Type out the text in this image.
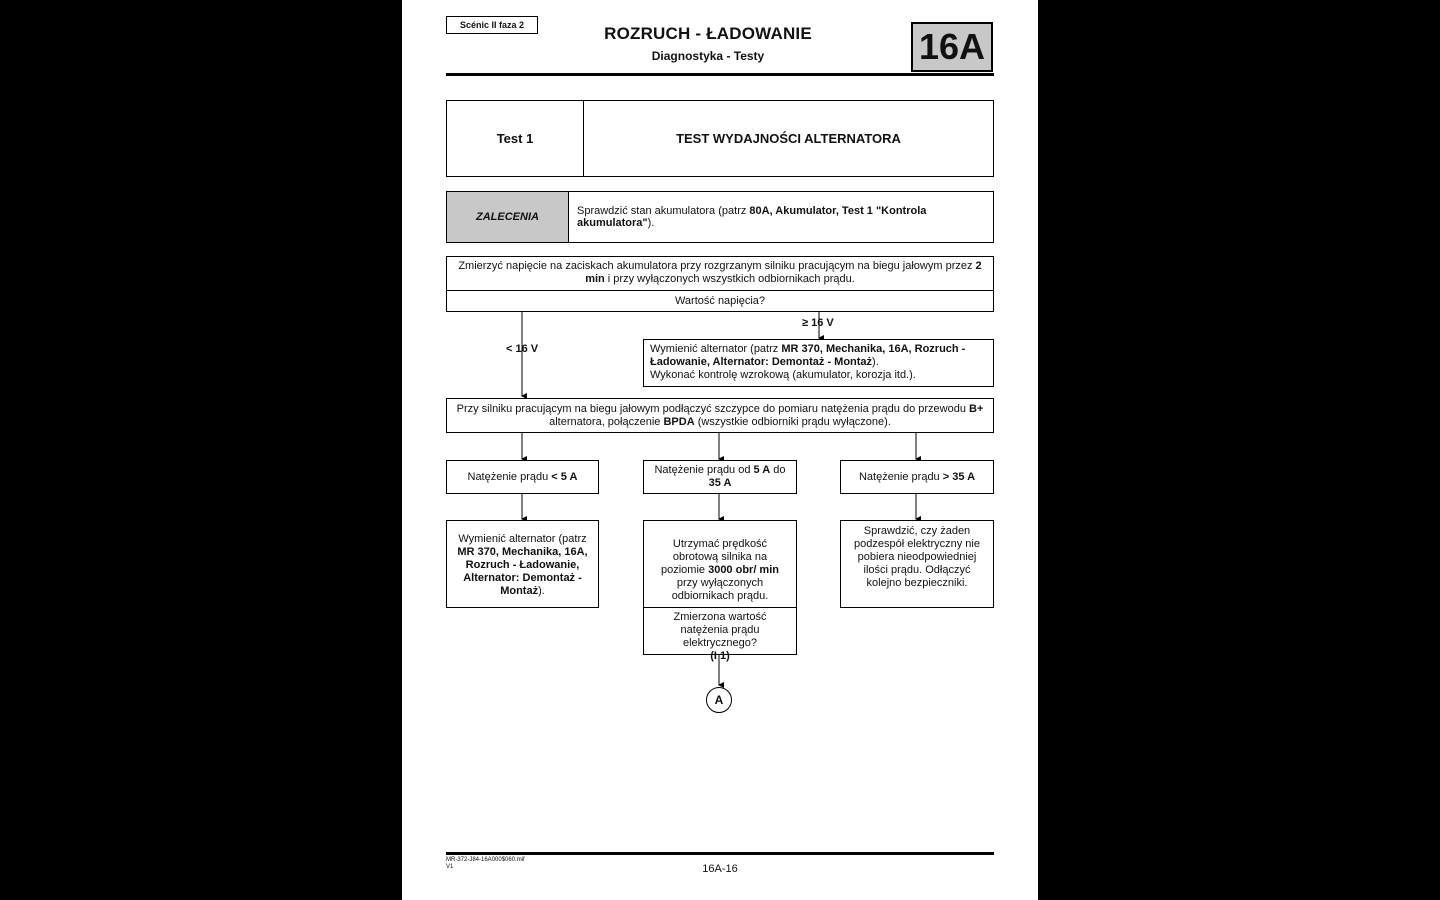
Scénic II faza 2	ROZRUCH - ŁADOWANIE
Diagnostyka - Testy	16A
Test 1	TEST WYDAJNOŚCI ALTERNATORA
ZALECENIA	Sprawdzić stan akumulatora (patrz 80A, Akumulator, Test 1 "Kontrola akumulatora").
Zmierzyć napięcie na zaciskach akumulatora przy rozgrzanym silniku pracującym na biegu jałowym przez 2 min i przy wyłączonych wszystkich odbiornikach prądu.
Wartość napięcia?
< 16 V
≥ 16 V
Wymienić alternator (patrz MR 370, Mechanika, 16A, Rozruch - Ładowanie, Alternator: Demontaż - Montaż).
Wykonać kontrolę wzrokową (akumulator, korozja itd.).
Przy silniku pracującym na biegu jałowym podłączyć szczypce do pomiaru natężenia prądu do przewodu B+ alternatora, połączenie BPDA (wszystkie odbiorniki prądu wyłączone).
Natężenie prądu < 5 A
Natężenie prądu od 5 A do 35 A	Natężenie prądu > 35 A
Wymienić alternator (patrz MR 370, Mechanika, 16A, Rozruch - Ładowanie, Alternator: Demontaż - Montaż).
Utrzymać prędkość obrotową silnika na poziomie 3000 obr/ min przy wyłączonych odbiornikach prądu.
Zmierzona wartość natężenia prądu elektrycznego?
(I 1)
Sprawdzić, czy żaden podzespół elektryczny nie pobiera nieodpowiedniej ilości prądu. Odłączyć kolejno bezpieczniki.
A
MR-372-J84-16A000$060.mif
V1	16A-16
